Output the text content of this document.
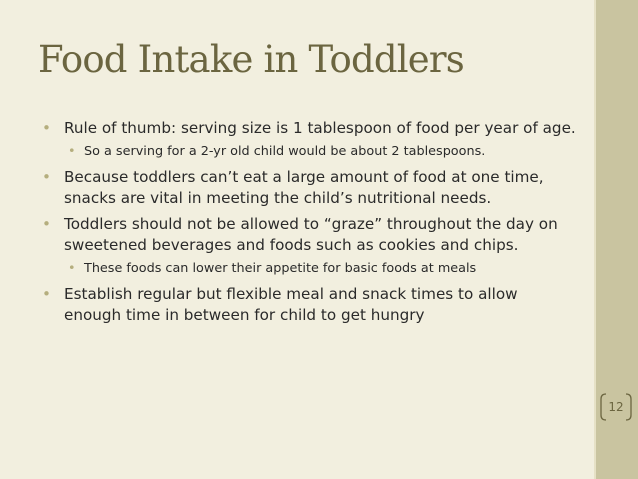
Food Intake in Toddlers

• Rule of thumb: serving size is 1 tablespoon of food per year of age.

• So a serving for a 2-yr old child would be about 2 tablespoons.

• Because toddlers can’t eat a large amount of food at one time, snacks are vital in meeting the child’s nutritional needs.

• Toddlers should not be allowed to “graze” throughout the day on sweetened beverages and foods such as cookies and chips.

• These foods can lower their appetite for basic foods at meals

• Establish regular but flexible meal and snack times to allow enough time in between for child to get hungry

12
